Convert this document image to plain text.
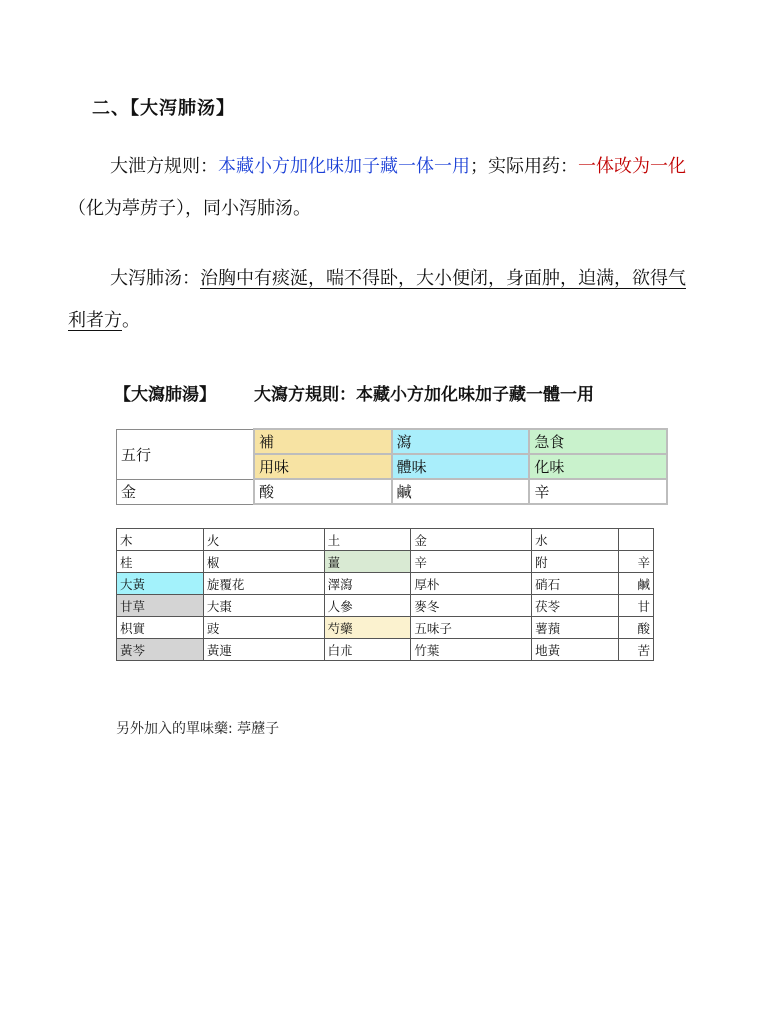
二、【大泻肺汤】
大泄方规则：本藏小方加化味加子藏一体一用；实际用药：一体改为一化（化为葶苈子），同小泻肺汤。
大泻肺汤：治胸中有痰涎，喘不得卧，大小便闭，身面肿，迫满，欲得气利者方。
【大瀉肺湯】 大瀉方規則：本藏小方加化味加子藏一體一用
五行	補	瀉	急食
	用味	體味	化味
金	酸	鹹	辛
木	火	土	金	水	
桂	椒	薑	辛	附	辛
大黃	旋覆花	澤瀉	厚朴	硝石	鹹
甘草	大棗	人參	麥冬	茯苓	甘
枳實	豉	芍藥	五味子	薯蕷	酸
黃芩	黃連	白朮	竹葉	地黃	苦
另外加入的單味藥: 葶藶子
